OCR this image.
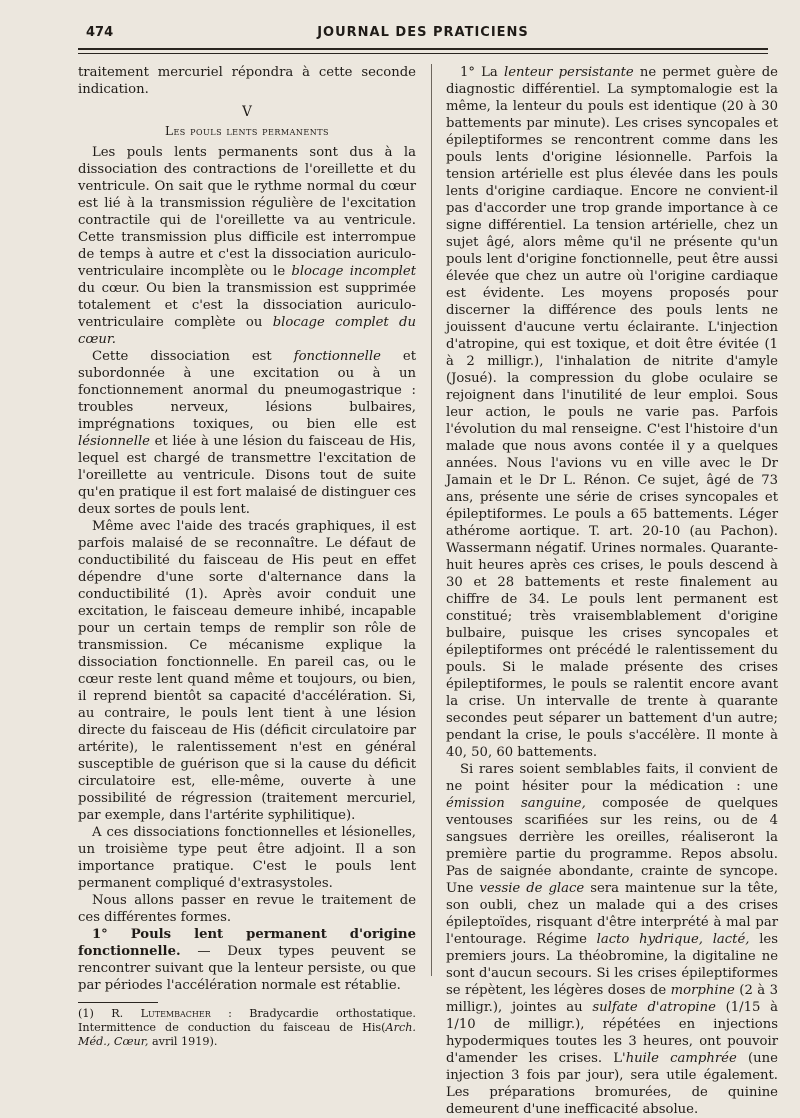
474	JOURNAL DES PRATICIENS

traitement mercuriel répondra à cette seconde indication.

V
Les pouls lents permanents

Les pouls lents permanents sont dus à la dissociation des contractions de l'oreillette et du ventricule. On sait que le rythme normal du cœur est lié à la transmission régulière de l'excitation contractile qui de l'oreillette va au ventricule. Cette transmission plus difficile est interrompue de temps à autre et c'est la dissociation auriculo-ventriculaire incomplète ou le blocage incomplet du cœur. Ou bien la transmission est supprimée totalement et c'est la dissociation auriculo-ventriculaire complète ou blocage complet du cœur.

Cette dissociation est fonctionnelle et subordonnée à une excitation ou à un fonctionnement anormal du pneumogastrique : troubles nerveux, lésions bulbaires, imprégnations toxiques, ou bien elle est lésionnelle et liée à une lésion du faisceau de His, lequel est chargé de transmettre l'excitation de l'oreillette au ventricule. Disons tout de suite qu'en pratique il est fort malaisé de distinguer ces deux sortes de pouls lent.

Même avec l'aide des tracés graphiques, il est parfois malaisé de se reconnaître. Le défaut de conductibilité du faisceau de His peut en effet dépendre d'une sorte d'alternance dans la conductibilité (1). Après avoir conduit une excitation, le faisceau demeure inhibé, incapable pour un certain temps de remplir son rôle de transmission. Ce mécanisme explique la dissociation fonctionnelle. En pareil cas, ou le cœur reste lent quand même et toujours, ou bien, il reprend bientôt sa capacité d'accélération. Si, au contraire, le pouls lent tient à une lésion directe du faisceau de His (déficit circulatoire par artérite), le ralentissement n'est en général susceptible de guérison que si la cause du déficit circulatoire est, elle-même, ouverte à une possibilité de régression (traitement mercuriel, par exemple, dans l'artérite syphilitique).

A ces dissociations fonctionnelles et lésionelles, un troisième type peut être adjoint. Il a son importance pratique. C'est le pouls lent permanent compliqué d'extrasystoles.

Nous allons passer en revue le traitement de ces différentes formes.

1° Pouls lent permanent d'origine fonctionnelle. — Deux types peuvent se rencontrer suivant que la lenteur persiste, ou que par périodes l'accélération normale est rétablie.

(1) R. Lutembacher : Bradycardie orthostatique. Intermittence de conduction du faisceau de His(Arch. Méd., Cœur, avril 1919).

1° La lenteur persistante ne permet guère de diagnostic différentiel. La symptomalogie est la même, la lenteur du pouls est identique (20 à 30 battements par minute). Les crises syncopales et épileptiformes se rencontrent comme dans les pouls lents d'origine lésionnelle. Parfois la tension artérielle est plus élevée dans les pouls lents d'origine cardiaque. Encore ne convient-il pas d'accorder une trop grande importance à ce signe différentiel. La tension artérielle, chez un sujet âgé, alors même qu'il ne présente qu'un pouls lent d'origine fonctionnelle, peut être aussi élevée que chez un autre où l'origine cardiaque est évidente. Les moyens proposés pour discerner la différence des pouls lents ne jouissent d'aucune vertu éclairante. L'injection d'atropine, qui est toxique, et doit être évitée (1 à 2 milligr.), l'inhalation de nitrite d'amyle (Josué). la compression du globe oculaire se rejoignent dans l'inutilité de leur emploi. Sous leur action, le pouls ne varie pas. Parfois l'évolution du mal renseigne. C'est l'histoire d'un malade que nous avons contée il y a quelques années. Nous l'avions vu en ville avec le Dr Jamain et le Dr L. Rénon. Ce sujet, âgé de 73 ans, présente une série de crises syncopales et épileptiformes. Le pouls a 65 battements. Léger athérome aortique. T. art. 20-10 (au Pachon). Wassermann négatif. Urines normales. Quarante-huit heures après ces crises, le pouls descend à 30 et 28 battements et reste finalement au chiffre de 34. Le pouls lent permanent est constitué; très vraisemblablement d'origine bulbaire, puisque les crises syncopales et épileptiformes ont précédé le ralentissement du pouls. Si le malade présente des crises épileptiformes, le pouls se ralentit encore avant la crise. Un intervalle de trente à quarante secondes peut séparer un battement d'un autre; pendant la crise, le pouls s'accélère. Il monte à 40, 50, 60 battements.

Si rares soient semblables faits, il convient de ne point hésiter pour la médication : une émission sanguine, composée de quelques ventouses scarifiées sur les reins, ou de 4 sangsues derrière les oreilles, réaliseront la première partie du programme. Repos absolu. Pas de saignée abondante, crainte de syncope. Une vessie de glace sera maintenue sur la tête, son oubli, chez un malade qui a des crises épileptoïdes, risquant d'être interprété à mal par l'entourage. Régime lacto hydrique, lacté, les premiers jours. La théobromine, la digitaline ne sont d'aucun secours. Si les crises épileptiformes se répètent, les légères doses de morphine (2 à 3 milligr.), jointes au sulfate d'atropine (1/15 à 1/10 de milligr.), répétées en injections hypodermiques toutes les 3 heures, ont pouvoir d'amender les crises. L'huile camphrée (une injection 3 fois par jour), sera utile également. Les préparations bromurées, de quinine demeurent d'une inefficacité absolue.
